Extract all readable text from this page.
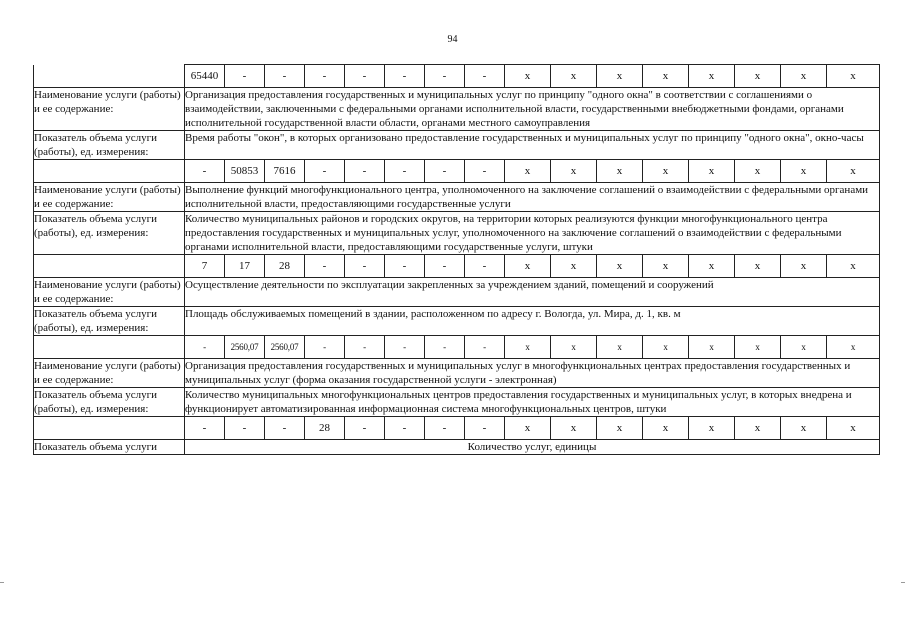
94
	65440	-	-	-	-	-	-	-	х	х	х	х	х	х	х	х
Наименование услуги (работы) и ее содержание:	Организация предоставления государственных и муниципальных услуг по принципу "одного окна" в соответствии с соглашениями о взаимодействии, заключенными с федеральными органами исполнительной власти, государственными внебюджетными фондами, органами исполнительной государственной власти области, органами местного самоуправления															
Показатель объема услуги (работы), ед. измерения:	Время работы "окон", в которых организовано предоставление государственных и муниципальных услуг по принципу "одного окна", окно-часы															
	-	50853	7616	-	-	-	-	-	х	х	х	х	х	х	х	х
Наименование услуги (работы) и ее содержание:	Выполнение функций многофункционального центра, уполномоченного на заключение соглашений о взаимодействии с федеральными органами исполнительной власти, предоставляющими государственные услуги															
Показатель объема услуги (работы), ед. измерения:	Количество муниципальных районов и городских округов, на территории которых реализуются функции многофункционального центра предоставления государственных и муниципальных услуг, уполномоченного на заключение соглашений о взаимодействии с федеральными органами исполнительной власти, предоставляющими государственные услуги, штуки															
	7	17	28	-	-	-	-	-	х	х	х	х	х	х	х	х
Наименование услуги (работы) и ее содержание:	Осуществление деятельности по эксплуатации закрепленных за учреждением зданий, помещений и сооружений															
Показатель объема услуги (работы), ед. измерения:	Площадь обслуживаемых помещений в здании, расположенном по адресу г. Вологда, ул. Мира, д. 1, кв. м															
	-	2560,07	2560,07	-	-	-	-	-	х	х	х	х	х	х	х	х
Наименование услуги (работы) и ее содержание:	Организация предоставления государственных и муниципальных услуг в многофункциональных центрах предоставления государственных и муниципальных услуг (форма оказания государственной услуги - электронная)															
Показатель объема услуги (работы), ед. измерения:	Количество муниципальных многофункциональных центров предоставления государственных и муниципальных услуг, в которых внедрена и функционирует автоматизированная информационная система многофункциональных центров, штуки															
	-	-	-	28	-	-	-	-	х	х	х	х	х	х	х	х
Показатель объема услуги	Количество услуг, единицы															
